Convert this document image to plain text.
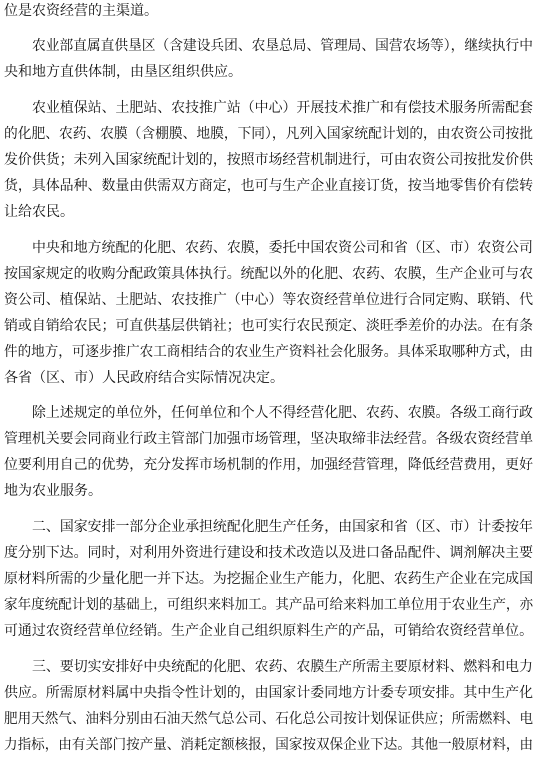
位是农资经营的主渠道。
农业部直属直供垦区（含建设兵团、农垦总局、管理局、国营农场等），继续执行中
央和地方直供体制，由垦区组织供应。
农业植保站、土肥站、农技推广站（中心）开展技术推广和有偿技术服务所需配套
的化肥、农药、农膜（含棚膜、地膜，下同），凡列入国家统配计划的，由农资公司按批
发价供货；未列入国家统配计划的，按照市场经营机制进行，可由农资公司按批发价供
货，具体品种、数量由供需双方商定，也可与生产企业直接订货，按当地零售价有偿转
让给农民。
中央和地方统配的化肥、农药、农膜，委托中国农资公司和省（区、市）农资公司
按国家规定的收购分配政策具体执行。统配以外的化肥、农药、农膜，生产企业可与农
资公司、植保站、土肥站、农技推广（中心）等农资经营单位进行合同定购、联销、代
销或自销给农民；可直供基层供销社；也可实行农民预定、淡旺季差价的办法。在有条
件的地方，可逐步推广农工商相结合的农业生产资料社会化服务。具体采取哪种方式，由
各省（区、市）人民政府结合实际情况决定。
除上述规定的单位外，任何单位和个人不得经营化肥、农药、农膜。各级工商行政
管理机关要会同商业行政主管部门加强市场管理，坚决取缔非法经营。各级农资经营单
位要利用自己的优势，充分发挥市场机制的作用，加强经营管理，降低经营费用，更好
地为农业服务。
二、国家安排一部分企业承担统配化肥生产任务，由国家和省（区、市）计委按年
度分别下达。同时，对利用外资进行建设和技术改造以及进口备品配件、调剂解决主要
原材料所需的少量化肥一并下达。为挖掘企业生产能力，化肥、农药生产企业在完成国
家年度统配计划的基础上，可组织来料加工。其产品可给来料加工单位用于农业生产，亦
可通过农资经营单位经销。生产企业自己组织原料生产的产品，可销给农资经营单位。
三、要切实安排好中央统配的化肥、农药、农膜生产所需主要原材料、燃料和电力
供应。所需原材料属中央指令性计划的，由国家计委同地方计委专项安排。其中生产化
肥用天然气、油料分别由石油天然气总公司、石化总公司按计划保证供应；所需燃料、电
力指标，由有关部门按产量、消耗定额核报，国家按双保企业下达。其他一般原材料，由
